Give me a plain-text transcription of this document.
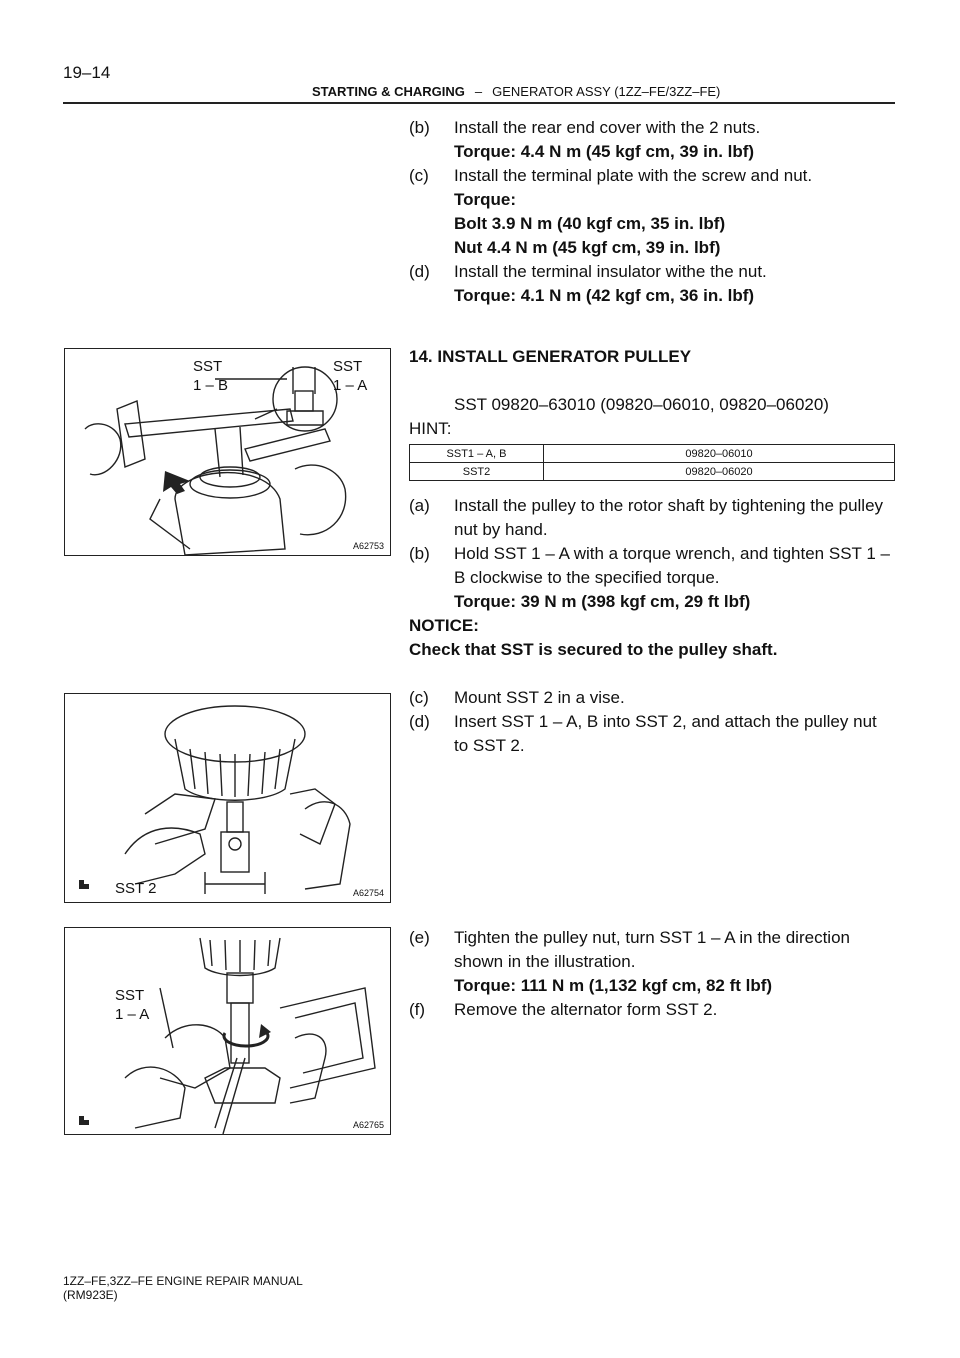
19–14
STARTING & CHARGING – GENERATOR ASSY (1ZZ–FE/3ZZ–FE)
(b) Install the rear end cover with the 2 nuts.
Torque: 4.4 N m (45 kgf cm, 39 in. lbf)
(c) Install the terminal plate with the screw and nut.
Torque:
Bolt 3.9 N m (40 kgf cm, 35 in. lbf)
Nut 4.4 N m (45 kgf cm, 39 in. lbf)
(d) Install the terminal insulator withe the nut.
Torque: 4.1 N m (42 kgf cm, 36 in. lbf)
14. INSTALL GENERATOR PULLEY
SST 09820–63010 (09820–06010, 09820–06020)
HINT:
SST1 – A, B	09820–06010
SST2	09820–06020
(a) Install the pulley to the rotor shaft by tightening the pulley nut by hand.
(b) Hold SST 1 – A with a torque wrench, and tighten SST 1 – B clockwise to the specified torque.
Torque: 39 N m (398 kgf cm, 29 ft lbf)
NOTICE:
Check that SST is secured to the pulley shaft.
(c) Mount SST 2 in a vise.
(d) Insert SST 1 – A, B into SST 2, and attach the pulley nut to SST 2.
(e) Tighten the pulley nut, turn SST 1 – A in the direction shown in the illustration.
Torque: 111 N m (1,132 kgf cm, 82 ft lbf)
(f) Remove the alternator form SST 2.
SST
1 – B
SST
1 – A
A62753
SST 2	A62754
SST
1 – A
A62765
1ZZ–FE,3ZZ–FE ENGINE REPAIR MANUAL
(RM923E)
